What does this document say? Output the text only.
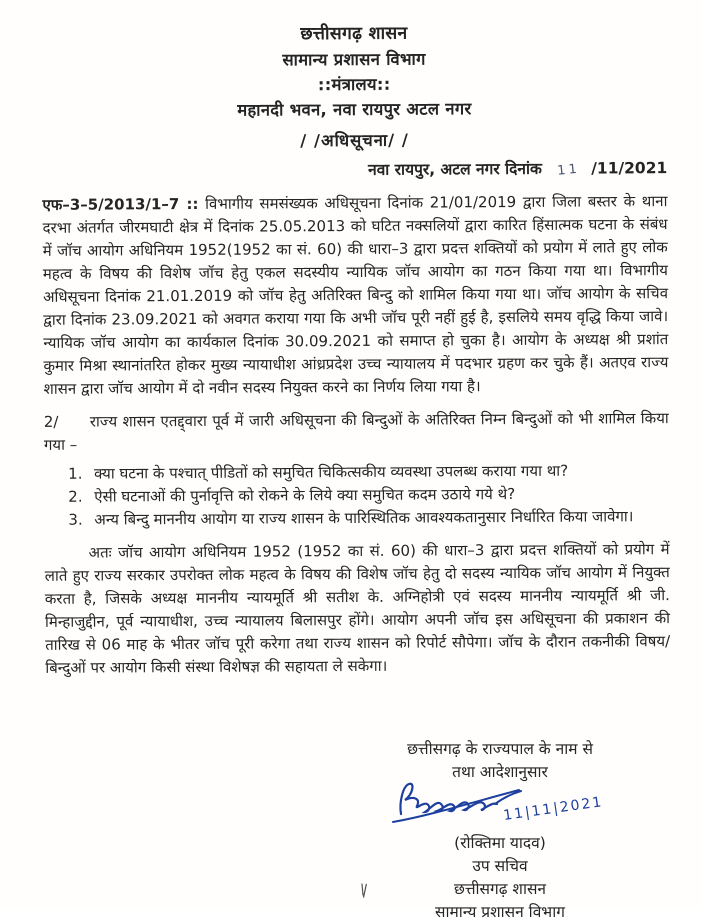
छत्तीसगढ़ शासन
सामान्य प्रशासन विभाग
::मंत्रालय::
महानदी भवन, नवा रायपुर अटल नगर
/ /अधिसूचना/ /
नवा रायपुर, अटल नगर दिनांक 11 /11/2021
एफ–3–5/2013/1–7 :: विभागीय समसंख्यक अधिसूचना दिनांक 21/01/2019 द्वारा जिला बस्तर के थाना दरभा अंतर्गत जीरमघाटी क्षेत्र में दिनांक 25.05.2013 को घटित नक्सलियों द्वारा कारित हिंसात्मक घटना के संबंध में जॉच आयोग अधिनियम 1952(1952 का सं. 60) की धारा–3 द्वारा प्रदत्त शक्तियों को प्रयोग में लाते हुए लोक महत्व के विषय की विशेष जॉच हेतु एकल सदस्यीय न्यायिक जॉच आयोग का गठन किया गया था। विभागीय अधिसूचना दिनांक 21.01.2019 को जॉच हेतु अतिरिक्त बिन्दु को शामिल किया गया था। जॉच आयोग के सचिव द्वारा दिनांक 23.09.2021 को अवगत कराया गया कि अभी जॉच पूरी नहीं हुई है, इसलिये समय वृद्धि किया जावे। न्यायिक जॉच आयोग का कार्यकाल दिनांक 30.09.2021 को समाप्त हो चुका है। आयोग के अध्यक्ष श्री प्रशांत कुमार मिश्रा स्थानांतरित होकर मुख्य न्यायाधीश आंध्रप्रदेश उच्च न्यायालय में पदभार ग्रहण कर चुके हैं। अतएव राज्य शासन द्वारा जॉच आयोग में दो नवीन सदस्य नियुक्त करने का निर्णय लिया गया है।
2/ राज्य शासन एतद्द्वारा पूर्व में जारी अधिसूचना की बिन्दुओं के अतिरिक्त निम्न बिन्दुओं को भी शामिल किया गया –
1. क्या घटना के पश्चात् पीडितों को समुचित चिकित्सकीय व्यवस्था उपलब्ध कराया गया था?
2. ऐसी घटनाओं की पुर्नावृत्ति को रोकने के लिये क्या समुचित कदम उठाये गये थे?
3. अन्य बिन्दु माननीय आयोग या राज्य शासन के पारिस्थितिक आवश्यकतानुसार निर्धारित किया जावेगा।
अतः जॉच आयोग अधिनियम 1952 (1952 का सं. 60) की धारा–3 द्वारा प्रदत्त शक्तियों को प्रयोग में लाते हुए राज्य सरकार उपरोक्त लोक महत्व के विषय की विशेष जॉच हेतु दो सदस्य न्यायिक जॉच आयोग में नियुक्त करता है, जिसके अध्यक्ष माननीय न्यायमूर्ति श्री सतीश के. अग्निहोत्री एवं सदस्य माननीय न्यायमूर्ति श्री जी. मिन्हाजुद्दीन, पूर्व न्यायाधीश, उच्च न्यायालय बिलासपुर होंगे। आयोग अपनी जॉच इस अधिसूचना की प्रकाशन की तारिख से 06 माह के भीतर जॉच पूरी करेगा तथा राज्य शासन को रिपोर्ट सौपेगा। जॉच के दौरान तकनीकी विषय/बिन्दुओं पर आयोग किसी संस्था विशेषज्ञ की सहायता ले सकेगा।
छत्तीसगढ़ के राज्यपाल के नाम से
तथा आदेशानुसार
11|11|2021
(रोक्तिमा यादव)
उप सचिव
छत्तीसगढ़ शासन
सामान्य प्रशासन विभाग
\|
